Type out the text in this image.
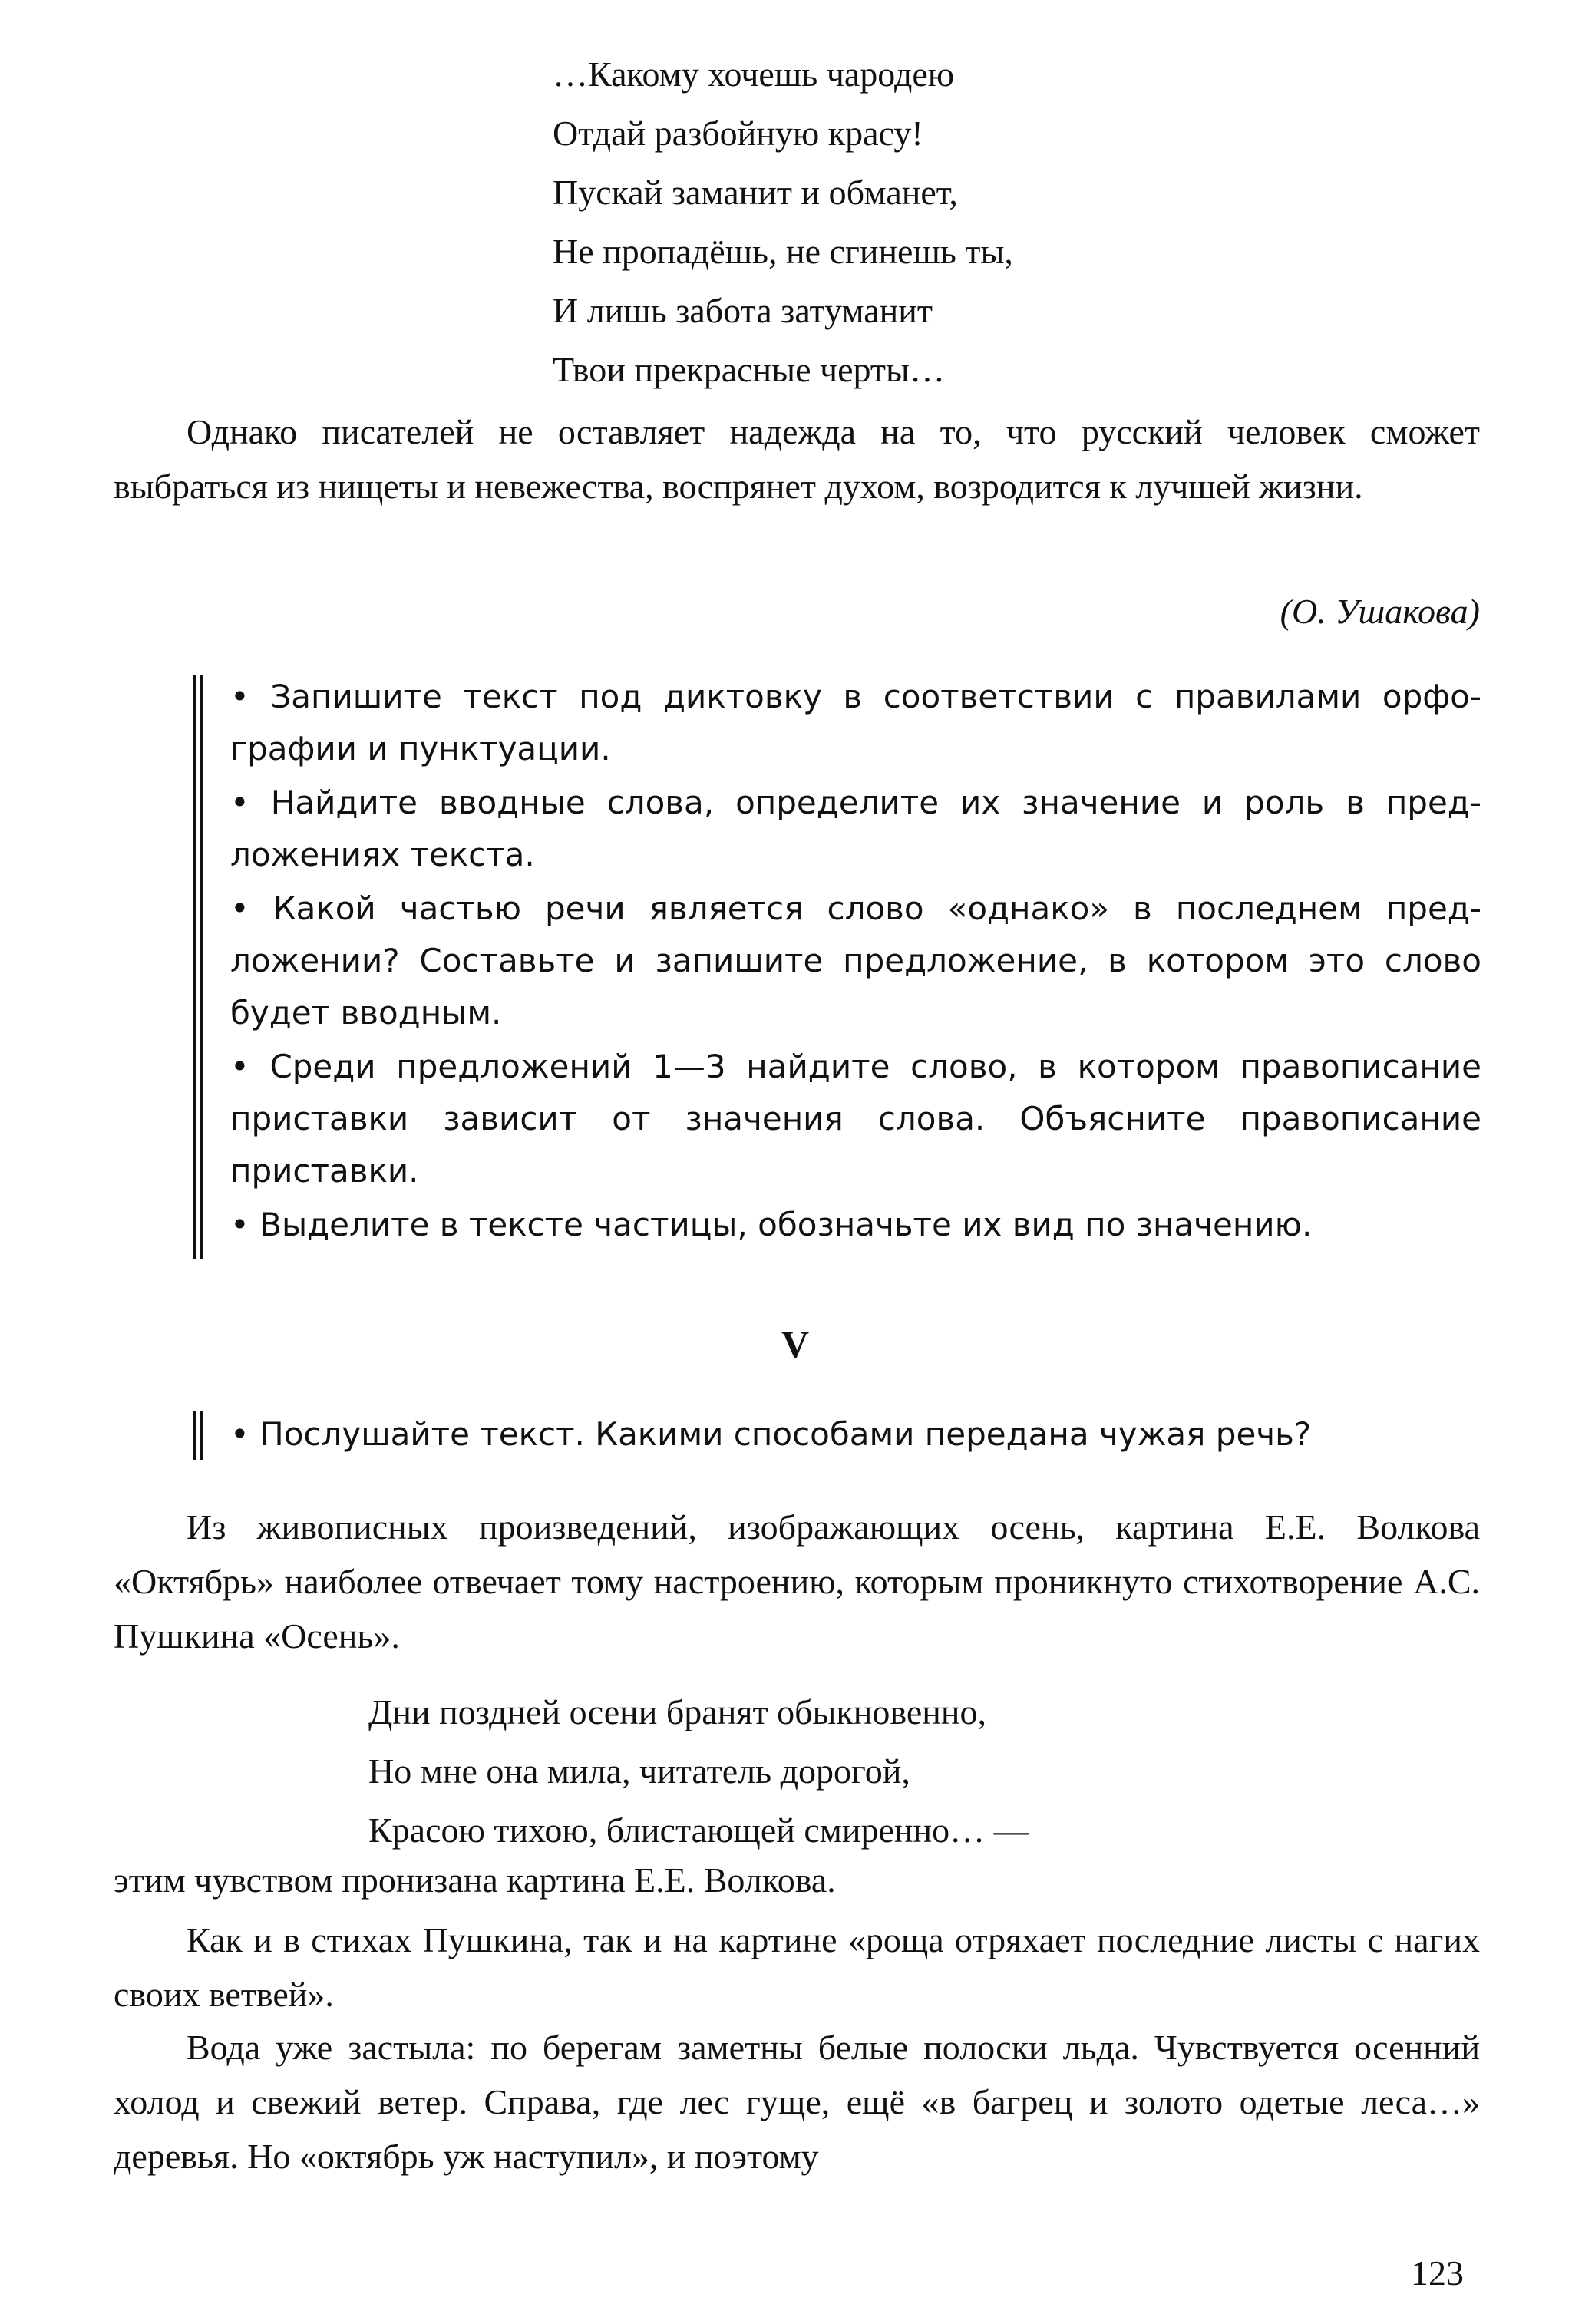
…Какому хочешь чародею
Отдай разбойную красу!
Пускай заманит и обманет,
Не пропадёшь, не сгинешь ты,
И лишь забота затуманит
Твои прекрасные черты…

Однако писателей не оставляет надежда на то, что русский человек сможет выбраться из нищеты и невежества, воспрянет духом, возродится к лучшей жизни.

(О. Ушакова)

• Запишите текст под диктовку в соответствии с правилами орфографии и пунктуации.

• Найдите вводные слова, определите их значение и роль в предложениях текста.

• Какой частью речи является слово «однако» в последнем предложении? Составьте и запишите предложение, в котором это слово будет вводным.

• Среди предложений 1—3 найдите слово, в котором правописание приставки зависит от значения слова. Объясните правописание приставки.

• Выделите в тексте частицы, обозначьте их вид по значению.

V

• Послушайте текст. Какими способами передана чужая речь?

Из живописных произведений, изображающих осень, картина Е.Е. Волкова «Октябрь» наиболее отвечает тому настроению, которым проникнуто стихотворение А.С. Пушкина «Осень».

Дни поздней осени бранят обыкновенно,
Но мне она мила, читатель дорогой,
Красою тихою, блистающей смиренно… —

этим чувством пронизана картина Е.Е. Волкова.

Как и в стихах Пушкина, так и на картине «роща отряхает последние листы с нагих своих ветвей».

Вода уже застыла: по берегам заметны белые полоски льда. Чувствуется осенний холод и свежий ветер. Справа, где лес гуще, ещё «в багрец и золото одетые леса…» деревья. Но «октябрь уж наступил», и поэтому

123
